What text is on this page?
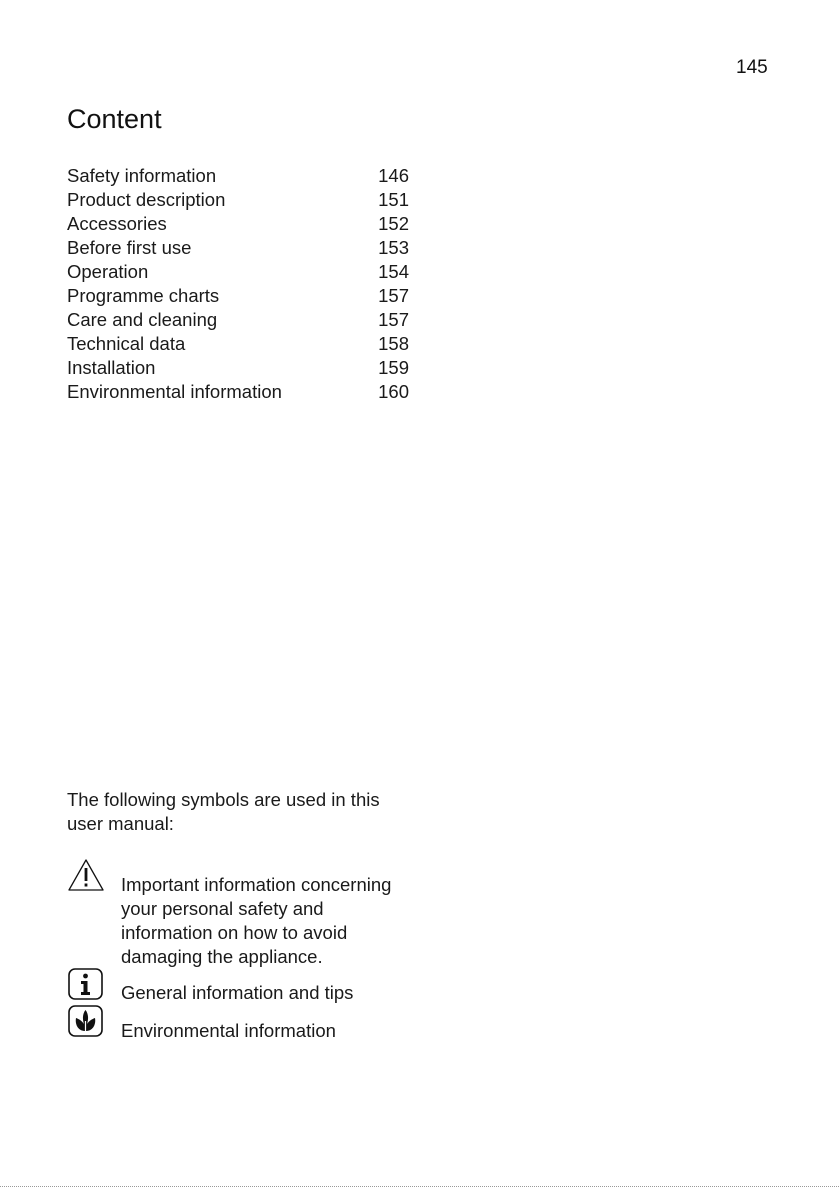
145
Content
Safety information	146
Product description	151
Accessories	152
Before first use	153
Operation	154
Programme charts	157
Care and cleaning	157
Technical data	158
Installation	159
Environmental information	160
The following symbols are used in this user manual:
Important information concerning your personal safety and information on how to avoid damaging the appliance.
General information and tips
Environmental information
